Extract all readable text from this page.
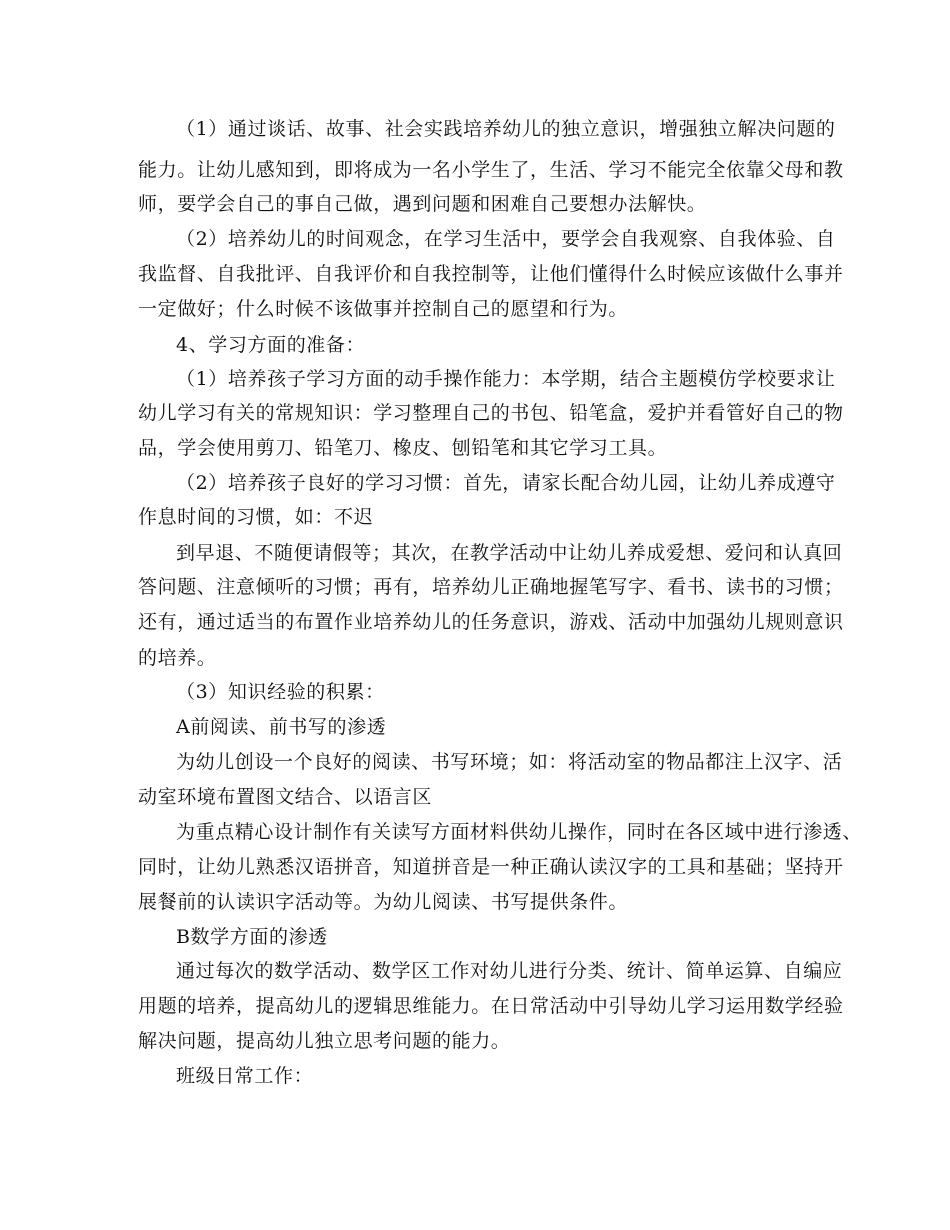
（1）通过谈话、故事、社会实践培养幼儿的独立意识，增强独立解决问题的
能力。让幼儿感知到，即将成为一名小学生了，生活、学习不能完全依靠父母和教
师，要学会自己的事自己做，遇到问题和困难自己要想办法解快。
（2）培养幼儿的时间观念，在学习生活中，要学会自我观察、自我体验、自
我监督、自我批评、自我评价和自我控制等，让他们懂得什么时候应该做什么事并
一定做好；什么时候不该做事并控制自己的愿望和行为。
4、学习方面的准备：
（1）培养孩子学习方面的动手操作能力：本学期，结合主题模仿学校要求让
幼儿学习有关的常规知识：学习整理自己的书包、铅笔盒，爱护并看管好自己的物
品，学会使用剪刀、铅笔刀、橡皮、刨铅笔和其它学习工具。
（2）培养孩子良好的学习习惯：首先，请家长配合幼儿园，让幼儿养成遵守
作息时间的习惯，如：不迟
到早退、不随便请假等；其次，在教学活动中让幼儿养成爱想、爱问和认真回
答问题、注意倾听的习惯；再有，培养幼儿正确地握笔写字、看书、读书的习惯；
还有，通过适当的布置作业培养幼儿的任务意识，游戏、活动中加强幼儿规则意识
的培养。
（3）知识经验的积累：
A前阅读、前书写的渗透
为幼儿创设一个良好的阅读、书写环境；如：将活动室的物品都注上汉字、活
动室环境布置图文结合、以语言区
为重点精心设计制作有关读写方面材料供幼儿操作，同时在各区域中进行渗透、
同时，让幼儿熟悉汉语拼音，知道拼音是一种正确认读汉字的工具和基础；坚持开
展餐前的认读识字活动等。为幼儿阅读、书写提供条件。
B数学方面的渗透
通过每次的数学活动、数学区工作对幼儿进行分类、统计、简单运算、自编应
用题的培养，提高幼儿的逻辑思维能力。在日常活动中引导幼儿学习运用数学经验
解决问题，提高幼儿独立思考问题的能力。
班级日常工作：
